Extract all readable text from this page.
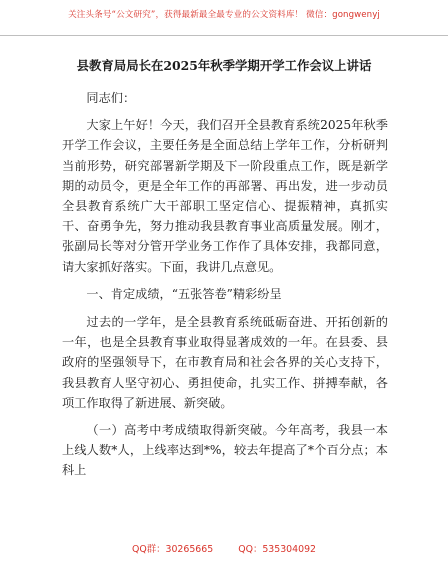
关注头条号“公文研究”，获得最新最全最专业的公文资料库！ 微信：gongwenyj
县教育局局长在2025年秋季学期开学工作会议上讲话

同志们：

大家上午好！今天，我们召开全县教育系统2025年秋季开学工作会议，主要任务是全面总结上学年工作，分析研判当前形势，研究部署新学期及下一阶段重点工作，既是新学期的动员令，更是全年工作的再部署、再出发，进一步动员全县教育系统广大干部职工坚定信心、提振精神，真抓实干、奋勇争先，努力推动我县教育事业高质量发展。刚才，张副局长等对分管开学业务工作作了具体安排，我都同意，请大家抓好落实。下面，我讲几点意见。

一、肯定成绩，“五张答卷”精彩纷呈

过去的一学年，是全县教育系统砥砺奋进、开拓创新的一年，也是全县教育事业取得显著成效的一年。在县委、县政府的坚强领导下，在市教育局和社会各界的关心支持下，我县教育人坚守初心、勇担使命，扎实工作、拼搏奉献，各项工作取得了新进展、新突破。

（一）高考中考成绩取得新突破。今年高考，我县一本上线人数*人，上线率达到*%，较去年提高了*个百分点；本科上

QQ群：30265665	QQ：535304092
